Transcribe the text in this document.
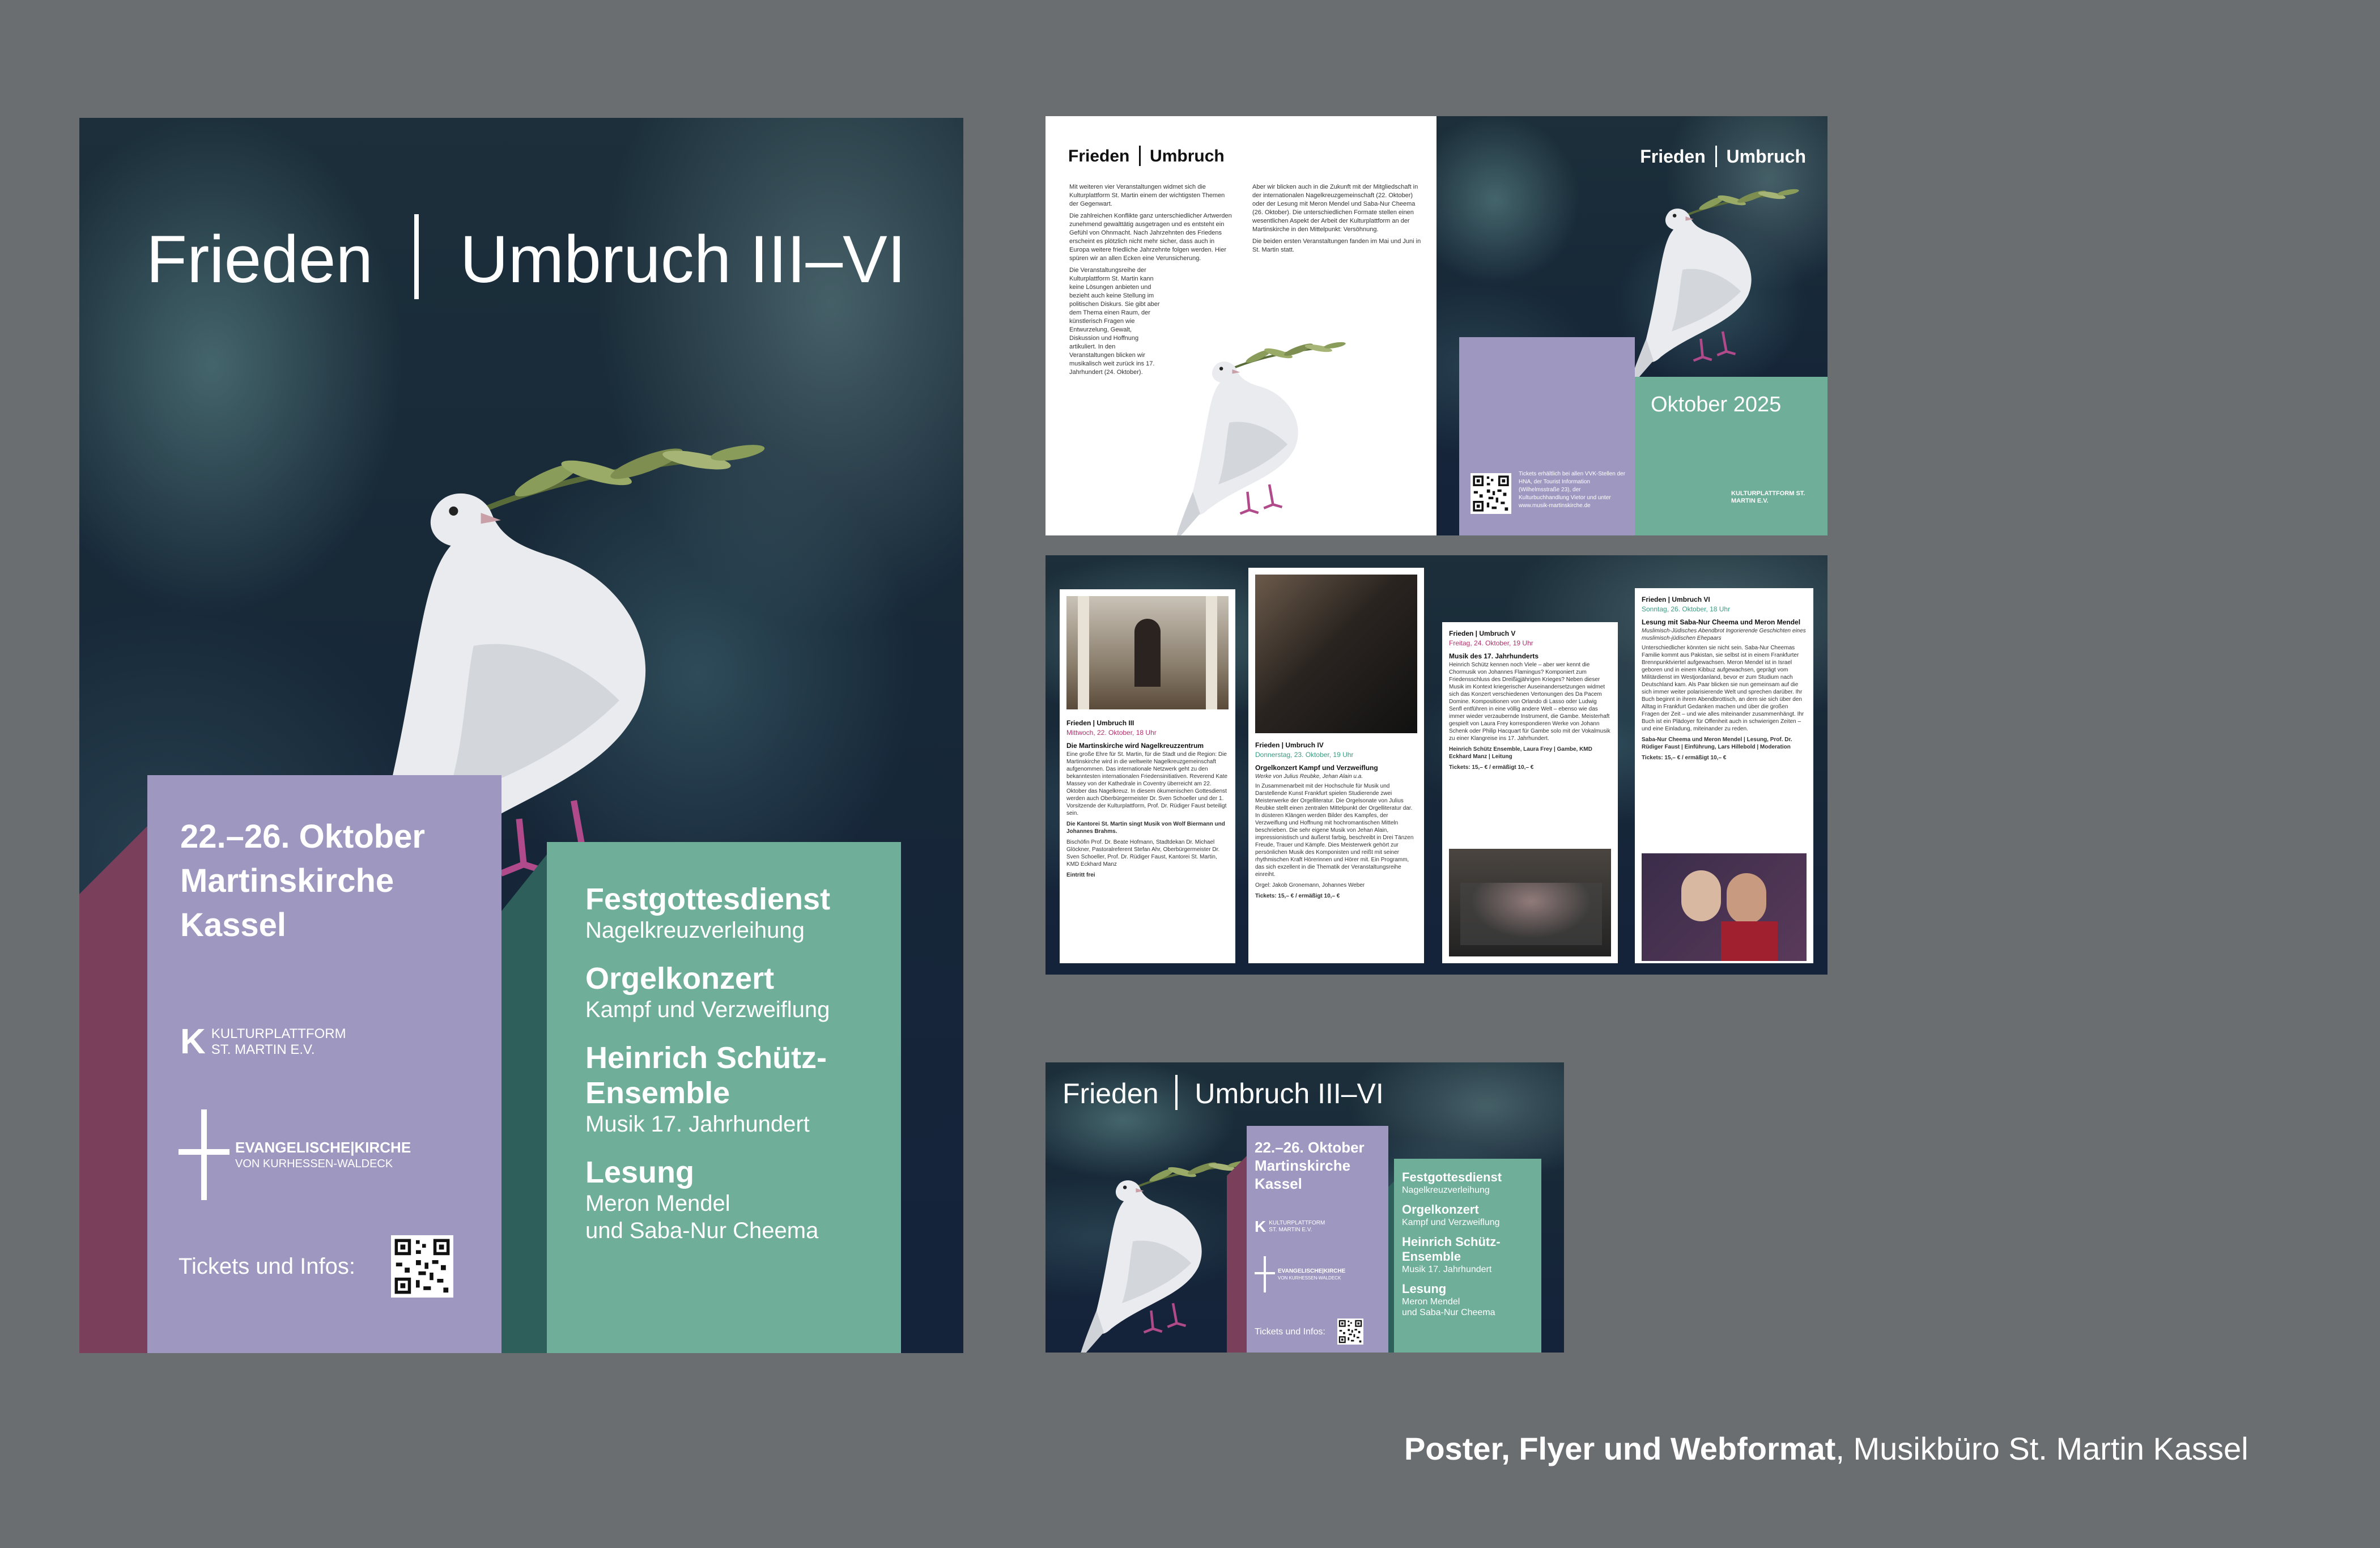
Frieden Umbruch III–VI
22.–26. Oktober
Martinskirche
Kassel
K KULTURPLATTFORM
ST. MARTIN E.V.
EVANGELISCHE|KIRCHE
VON KURHESSEN-WALDECK
Tickets und Infos:
Festgottesdienst
Nagelkreuzverleihung
Orgelkonzert
Kampf und Verzweiflung
Heinrich Schütz-
Ensemble
Musik 17. Jahrhundert
Lesung
Meron Mendel
und Saba-Nur Cheema
Frieden Umbruch

Mit weiteren vier Veranstaltungen widmet sich die Kulturplattform St. Martin einem der wichtigsten Themen der Gegenwart.

Die zahlreichen Konflikte ganz unterschiedlicher Artwerden zunehmend gewalttätig ausgetragen und es entsteht ein Gefühl von Ohnmacht. Nach Jahrzehnten des Friedens erscheint es plötzlich nicht mehr sicher, dass auch in Europa weitere friedliche Jahrzehnte folgen werden. Hier spüren wir an allen Ecken eine Verunsicherung.

Die Veranstaltungsreihe der Kulturplattform St. Martin kann keine Lösungen anbieten und bezieht auch keine Stellung im politischen Diskurs. Sie gibt aber dem Thema einen Raum, der künstlerisch Fragen wie Entwurzelung, Gewalt, Diskussion und Hoffnung artikuliert. In den Veranstaltungen blicken wir musikalisch weit zurück ins 17. Jahrhundert (24. Oktober).

Aber wir blicken auch in die Zukunft mit der Mitgliedschaft in der internationalen Nagelkreuzgemeinschaft (22. Oktober) oder der Lesung mit Meron Mendel und Saba-Nur Cheema (26. Oktober). Die unterschiedlichen Formate stellen einen wesentlichen Aspekt der Arbeit der Kulturplattform an der Martinskirche in den Mittelpunkt: Versöhnung.

Die beiden ersten Veranstaltungen fanden im Mai und Juni in St. Martin statt.

Frieden Umbruch
Tickets erhältlich bei allen VVK-Stellen der HNA, der Tourist Information (Wilhelmsstraße 23), der Kulturbuchhandlung Vietor und unter www.musik-martinskirche.de
Oktober 2025
KULTURPLATTFORM ST. MARTIN E.V.
Frieden | Umbruch III
Mittwoch, 22. Oktober, 18 Uhr
Die Martinskirche wird Nagelkreuzzentrum
Eine große Ehre für St. Martin, für die Stadt und die Region: Die Martinskirche wird in die weltweite Nagelkreuzgemeinschaft aufgenommen. Das internationale Netzwerk geht zu den bekanntesten internationalen Friedensinitiativen. Reverend Kate Massey von der Kathedrale in Coventry überreicht am 22. Oktober das Nagelkreuz. In diesem ökumenischen Gottesdienst werden auch Oberbürgermeister Dr. Sven Schoeller und der 1. Vorsitzende der Kulturplattform, Prof. Dr. Rüdiger Faust beteiligt sein.
Die Kantorei St. Martin singt Musik von Wolf Biermann und Johannes Brahms.
Bischöfin Prof. Dr. Beate Hofmann, Stadtdekan Dr. Michael Glöckner, Pastoralreferent Stefan Ahr, Oberbürgermeister Dr. Sven Schoeller, Prof. Dr. Rüdiger Faust, Kantorei St. Martin, KMD Eckhard Manz
Eintritt frei
Frieden | Umbruch IV
Donnerstag, 23. Oktober, 19 Uhr
Orgelkonzert Kampf und Verzweiflung
Werke von Julius Reubke, Jehan Alain u.a.
In Zusammenarbeit mit der Hochschule für Musik und Darstellende Kunst Frankfurt spielen Studierende zwei Meisterwerke der Orgelliteratur. Die Orgelsonate von Julius Reubke stellt einen zentralen Mittelpunkt der Orgelliteratur dar. In düsteren Klängen werden Bilder des Kampfes, der Verzweiflung und Hoffnung mit hochromantischen Mitteln beschrieben. Die sehr eigene Musik von Jehan Alain, impressionistisch und äußerst farbig, beschreibt in Drei Tänzen Freude, Trauer und Kämpfe. Dies Meisterwerk gehört zur persönlichen Musik des Komponisten und reißt mit seiner rhythmischen Kraft Hörerinnen und Hörer mit. Ein Programm, das sich exzellent in die Thematik der Veranstaltungsreihe einreiht.
Orgel: Jakob Gronemann, Johannes Weber
Tickets: 15,– € / ermäßigt 10,– €
Frieden | Umbruch V
Freitag, 24. Oktober, 19 Uhr
Musik des 17. Jahrhunderts
Heinrich Schütz kennen noch Viele – aber wer kennt die Chormusik von Johannes Flamingus? Komponiert zum Friedensschluss des Dreißigjährigen Krieges? Neben dieser Musik im Kontext kriegerischer Auseinandersetzungen widmet sich das Konzert verschiedenen Vertonungen des Da Pacem Domine. Kompositionen von Orlando di Lasso oder Ludwig Senfl entführen in eine völlig andere Welt – ebenso wie das immer wieder verzaubernde Instrument, die Gambe. Meisterhaft gespielt von Laura Frey korrespondieren Werke von Johann Schenk oder Philip Hacquart für Gambe solo mit der Vokalmusik zu einer Klangreise ins 17. Jahrhundert.
Heinrich Schütz Ensemble, Laura Frey | Gambe, KMD Eckhard Manz | Leitung
Tickets: 15,– € / ermäßigt 10,– €
Frieden | Umbruch VI
Sonntag, 26. Oktober, 18 Uhr
Lesung mit Saba-Nur Cheema und Meron Mendel
Muslimisch-Jüdisches Abendbrot Ingorierende Geschichten eines muslimisch-jüdischen Ehepaars
Unterschiedlicher könnten sie nicht sein. Saba-Nur Cheemas Familie kommt aus Pakistan, sie selbst ist in einem Frankfurter Brennpunktviertel aufgewachsen. Meron Mendel ist in Israel geboren und in einem Kibbuz aufgewachsen, geprägt vom Militärdienst im Westjordanland, bevor er zum Studium nach Deutschland kam. Als Paar blicken sie nun gemeinsam auf die sich immer weiter polarisierende Welt und sprechen darüber. Ihr Buch beginnt in ihrem Abendbrottisch, an dem sie sich über den Alltag in Frankfurt Gedanken machen und über die großen Fragen der Zeit – und wie alles miteinander zusammenhängt. Ihr Buch ist ein Plädoyer für Offenheit auch in schwierigen Zeiten – und eine Einladung, miteinander zu reden.
Saba-Nur Cheema und Meron Mendel | Lesung, Prof. Dr. Rüdiger Faust | Einführung, Lars Hillebold | Moderation
Tickets: 15,– € / ermäßigt 10,– €
Frieden Umbruch III–VI
22.–26. Oktober
Martinskirche
Kassel
K KULTURPLATTFORM
ST. MARTIN E.V.
EVANGELISCHE|KIRCHE
VON KURHESSEN-WALDECK
Tickets und Infos:
Festgottesdienst
Nagelkreuzverleihung
Orgelkonzert
Kampf und Verzweiflung
Heinrich Schütz-
Ensemble
Musik 17. Jahrhundert
Lesung
Meron Mendel
und Saba-Nur Cheema
Poster, Flyer und Webformat, Musikbüro St. Martin Kassel
